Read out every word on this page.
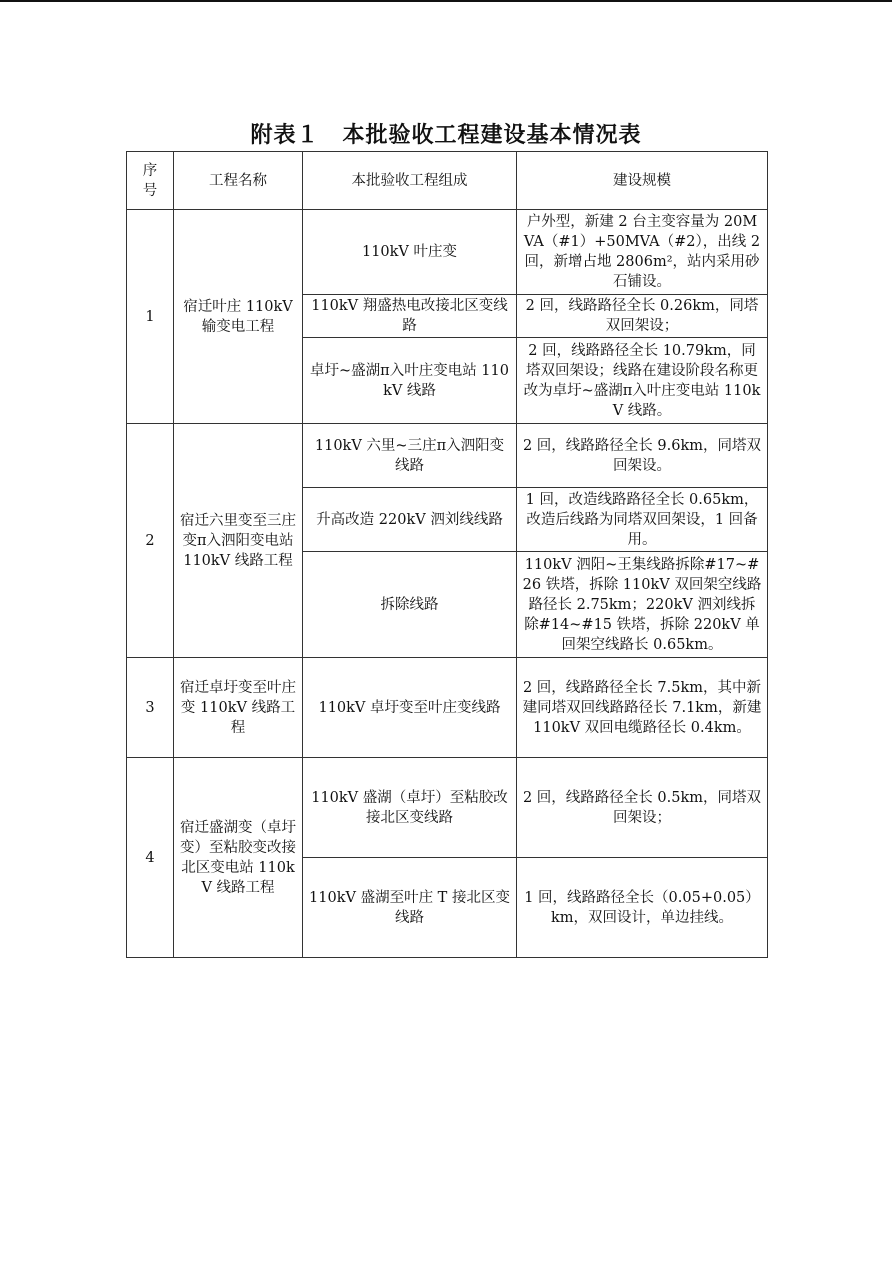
附表１　本批验收工程建设基本情况表
序号	工程名称	本批验收工程组成	建设规模
1	宿迁叶庄 110kV 输变电工程	110kV 叶庄变	户外型，新建 2 台主变容量为 20MVA（#1）+50MVA（#2），出线 2 回，新增占地 2806m²，站内采用砂石铺设。
		110kV 翔盛热电改接北区变线路	2 回，线路路径全长 0.26km，同塔双回架设；
		卓圩~盛湖π入叶庄变电站 110kV 线路	2 回，线路路径全长 10.79km，同塔双回架设；线路在建设阶段名称更改为卓圩~盛湖π入叶庄变电站 110kV 线路。
2	宿迁六里变至三庄变π入泗阳变电站 110kV 线路工程	110kV 六里~三庄π入泗阳变线路	2 回，线路路径全长 9.6km，同塔双回架设。
		升高改造 220kV 泗刘线线路	1 回，改造线路路径全长 0.65km，改造后线路为同塔双回架设，1 回备用。
		拆除线路	110kV 泗阳~王集线路拆除#17~#26 铁塔，拆除 110kV 双回架空线路路径长 2.75km；220kV 泗刘线拆除#14~#15 铁塔，拆除 220kV 单回架空线路长 0.65km。
3	宿迁卓圩变至叶庄变 110kV 线路工程	110kV 卓圩变至叶庄变线路	2 回，线路路径全长 7.5km，其中新建同塔双回线路路径长 7.1km，新建 110kV 双回电缆路径长 0.4km。
4	宿迁盛湖变（卓圩变）至粘胶变改接北区变电站 110kV 线路工程	110kV 盛湖（卓圩）至粘胶改接北区变线路	2 回，线路路径全长 0.5km，同塔双回架设；
		110kV 盛湖至叶庄 T 接北区变线路	1 回，线路路径全长（0.05+0.05）km，双回设计，单边挂线。
